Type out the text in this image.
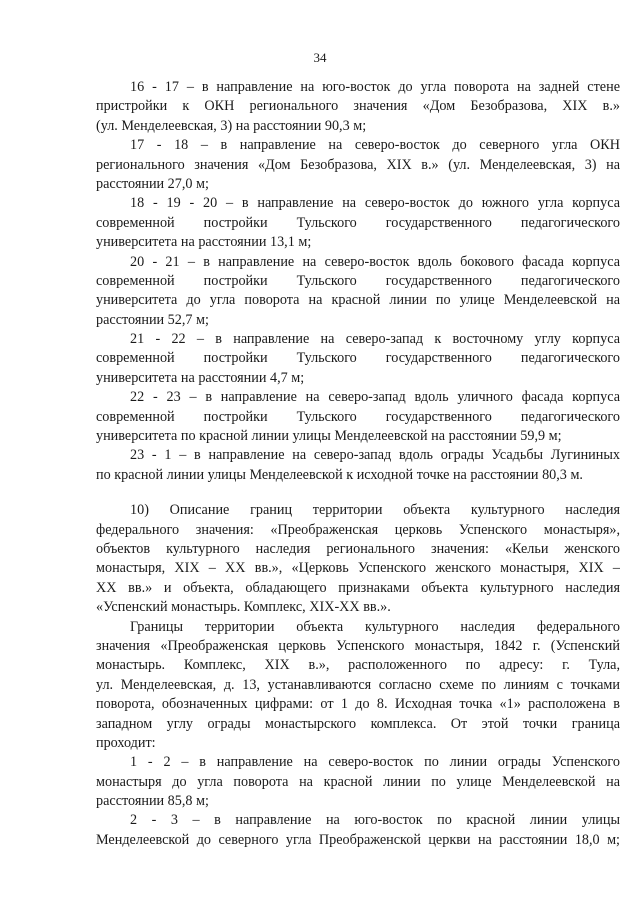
34
16 - 17 – в направление на юго-восток до угла поворота на задней стене
пристройки к ОКН регионального значения «Дом Безобразова, XIX в.»
(ул. Менделеевская, 3) на расстоянии 90,3 м;
17 - 18 – в направление на северо-восток до северного угла ОКН
регионального значения «Дом Безобразова, XIX в.» (ул. Менделеевская, 3) на
расстоянии 27,0 м;
18 - 19 - 20 – в направление на северо-восток до южного угла корпуса
современной постройки Тульского государственного педагогического
университета на расстоянии 13,1 м;
20 - 21 – в направление на северо-восток вдоль бокового фасада корпуса
современной постройки Тульского государственного педагогического
университета до угла поворота на красной линии по улице Менделеевской на
расстоянии 52,7 м;
21 - 22 – в направление на северо-запад к восточному углу корпуса
современной постройки Тульского государственного педагогического
университета на расстоянии 4,7 м;
22 - 23 – в направление на северо-запад вдоль уличного фасада корпуса
современной постройки Тульского государственного педагогического
университета по красной линии улицы Менделеевской на расстоянии 59,9 м;
23 - 1 – в направление на северо-запад вдоль ограды Усадьбы Лугининых
по красной линии улицы Менделеевской к исходной точке на расстоянии 80,3 м.
10) Описание границ территории объекта культурного наследия
федерального значения: «Преображенская церковь Успенского монастыря»,
объектов культурного наследия регионального значения: «Кельи женского
монастыря, XIX – XX вв.», «Церковь Успенского женского монастыря, XIX –
XX вв.» и объекта, обладающего признаками объекта культурного наследия
«Успенский монастырь. Комплекс, XIX-XX вв.».
Границы территории объекта культурного наследия федерального
значения «Преображенская церковь Успенского монастыря, 1842 г. (Успенский
монастырь. Комплекс, XIX в.», расположенного по адресу: г. Тула,
ул. Менделеевская, д. 13, устанавливаются согласно схеме по линиям с точками
поворота, обозначенных цифрами: от 1 до 8. Исходная точка «1» расположена в
западном углу ограды монастырского комплекса. От этой точки граница
проходит:
1 - 2 – в направление на северо-восток по линии ограды Успенского
монастыря до угла поворота на красной линии по улице Менделеевской на
расстоянии 85,8 м;
2 - 3 – в направление на юго-восток по красной линии улицы
Менделеевской до северного угла Преображенской церкви на расстоянии 18,0 м;
